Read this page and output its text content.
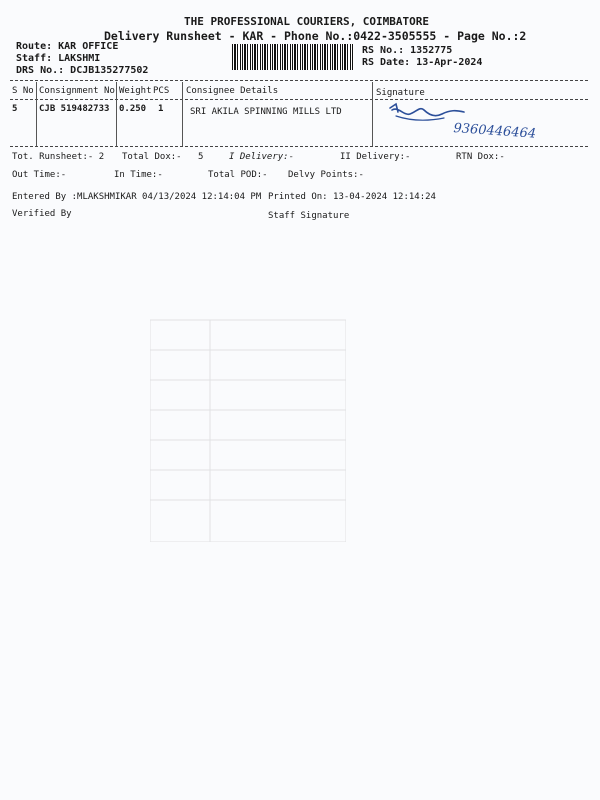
THE PROFESSIONAL COURIERS, COIMBATORE
Delivery Runsheet - KAR - Phone No.:0422-3505555 - Page No.:2
Route: KAR OFFICE
Staff: LAKSHMI
DRS No.: DCJB135277502
RS No.: 1352775
RS Date: 13-Apr-2024
S No Consignment No Weight PCS Consignee Details	Signature
5 CJB 519482733 0.250 1	SRI AKILA SPINNING MILLS LTD
9360446464
Tot. Runsheet:- 2 Total Dox:- 5	I Delivery:-	II Delivery:-	RTN Dox:-
Out Time:-	In Time:-	Total POD:- Delvy Points:-
Entered By :MLAKSHMIKAR 04/13/2024 12:14:04 PM Printed On: 13-04-2024 12:14:24
Verified By	Staff Signature
